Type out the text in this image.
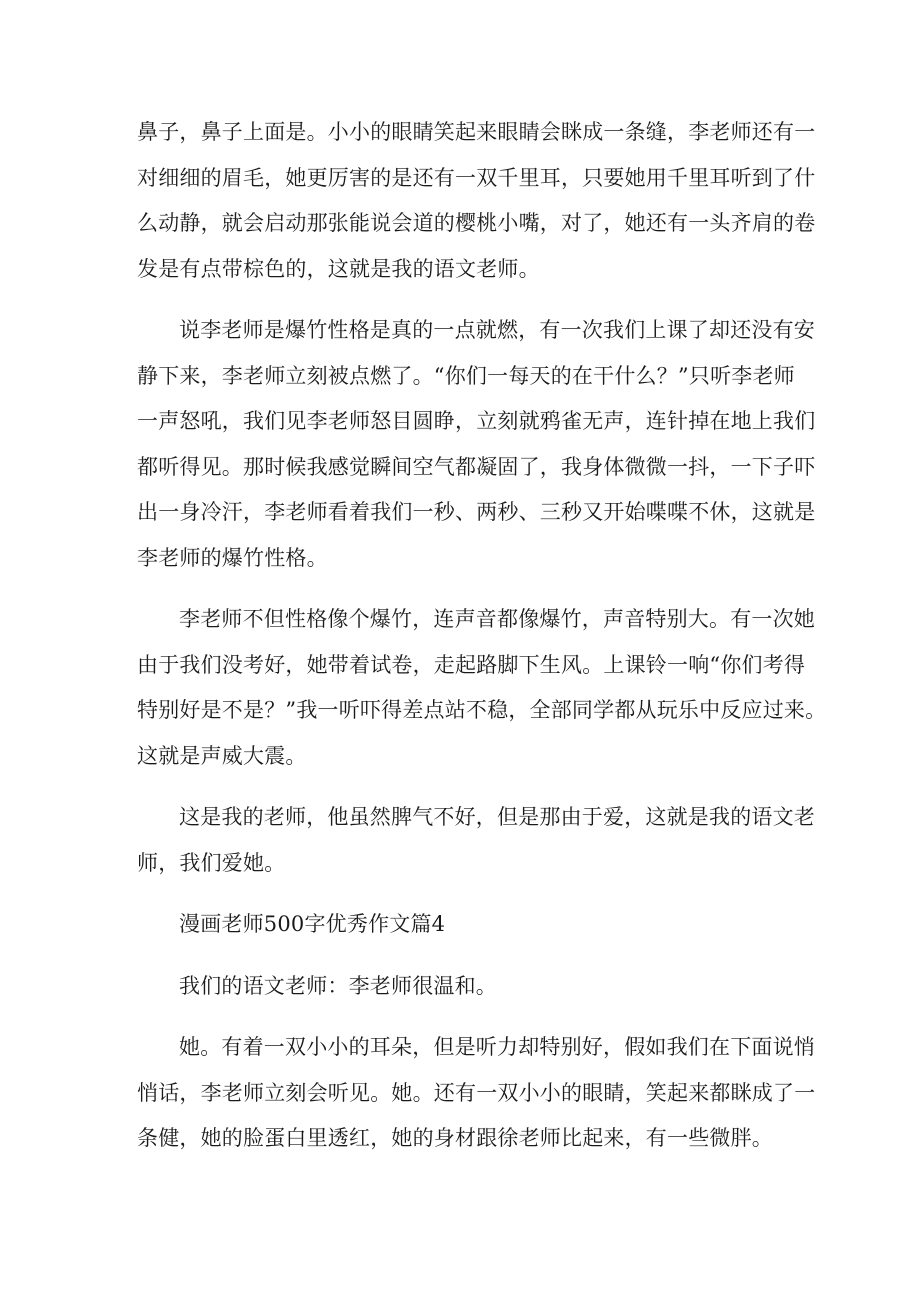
鼻子，鼻子上面是。小小的眼睛笑起来眼睛会眯成一条缝，李老师还有一
对细细的眉毛，她更厉害的是还有一双千里耳，只要她用千里耳听到了什
么动静，就会启动那张能说会道的樱桃小嘴，对了，她还有一头齐肩的卷
发是有点带棕色的，这就是我的语文老师。
说李老师是爆竹性格是真的一点就燃，有一次我们上课了却还没有安
静下来，李老师立刻被点燃了。“你们一每天的在干什么？”只听李老师
一声怒吼，我们见李老师怒目圆睁，立刻就鸦雀无声，连针掉在地上我们
都听得见。那时候我感觉瞬间空气都凝固了，我身体微微一抖，一下子吓
出一身冷汗，李老师看着我们一秒、两秒、三秒又开始喋喋不休，这就是
李老师的爆竹性格。
李老师不但性格像个爆竹，连声音都像爆竹，声音特别大。有一次她
由于我们没考好，她带着试卷，走起路脚下生风。上课铃一响“你们考得
特别好是不是？”我一听吓得差点站不稳，全部同学都从玩乐中反应过来。
这就是声威大震。
这是我的老师，他虽然脾气不好，但是那由于爱，这就是我的语文老
师，我们爱她。
漫画老师500字优秀作文篇4
我们的语文老师：李老师很温和。
她。有着一双小小的耳朵，但是听力却特别好，假如我们在下面说悄
悄话，李老师立刻会听见。她。还有一双小小的眼睛，笑起来都眯成了一
条健，她的脸蛋白里透红，她的身材跟徐老师比起来，有一些微胖。
